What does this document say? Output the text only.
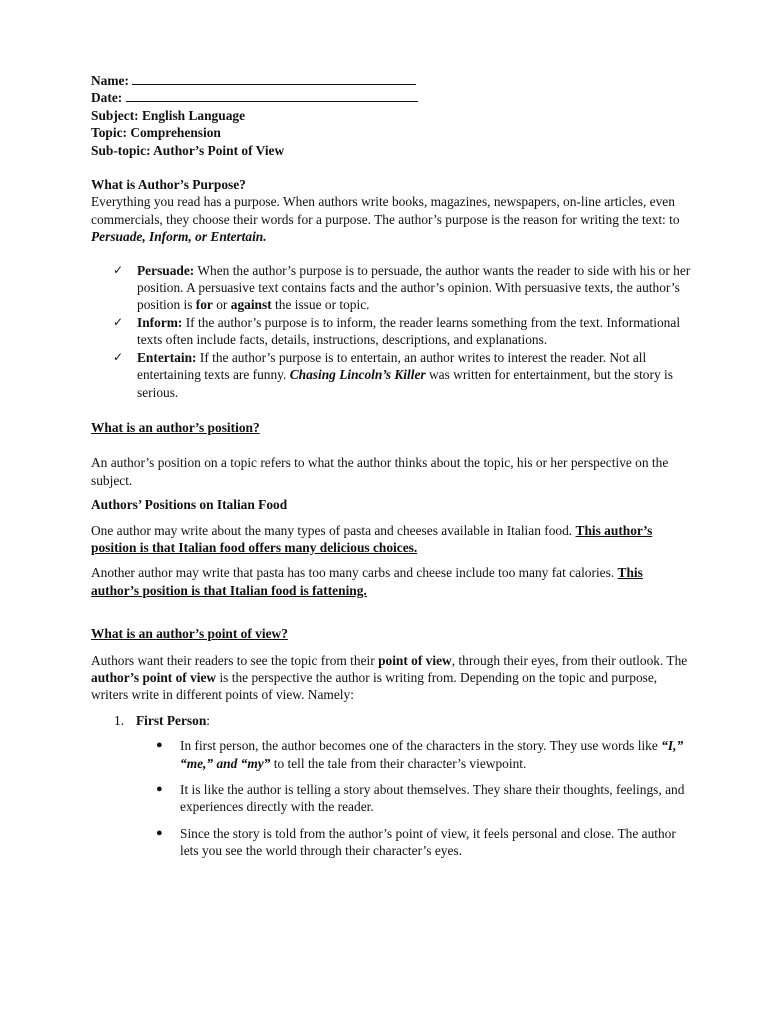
Name:

Date:

Subject: English Language

Topic: Comprehension

Sub-topic: Author’s Point of View

What is Author’s Purpose?

Everything you read has a purpose. When authors write books, magazines, newspapers, on-line articles, even commercials, they choose their words for a purpose. The author’s purpose is the reason for writing the text: to Persuade, Inform, or Entertain.

✓ Persuade: When the author’s purpose is to persuade, the author wants the reader to side with his or her position. A persuasive text contains facts and the author’s opinion. With persuasive texts, the author’s position is for or against the issue or topic.
✓ Inform: If the author’s purpose is to inform, the reader learns something from the text. Informational texts often include facts, details, instructions, descriptions, and explanations.
✓ Entertain: If the author’s purpose is to entertain, an author writes to interest the reader. Not all entertaining texts are funny. Chasing Lincoln’s Killer was written for entertainment, but the story is serious.

What is an author’s position?

An author’s position on a topic refers to what the author thinks about the topic, his or her perspective on the subject.

Authors’ Positions on Italian Food

One author may write about the many types of pasta and cheeses available in Italian food. This author’s position is that Italian food offers many delicious choices.

Another author may write that pasta has too many carbs and cheese include too many fat calories. This author’s position is that Italian food is fattening.

What is an author’s point of view?

Authors want their readers to see the topic from their point of view, through their eyes, from their outlook. The author’s point of view is the perspective the author is writing from. Depending on the topic and purpose, writers write in different points of view. Namely:

1. First Person:
● In first person, the author becomes one of the characters in the story. They use words like “I,” “me,” and “my” to tell the tale from their character’s viewpoint.
● It is like the author is telling a story about themselves. They share their thoughts, feelings, and experiences directly with the reader.
● Since the story is told from the author’s point of view, it feels personal and close. The author lets you see the world through their character’s eyes.
